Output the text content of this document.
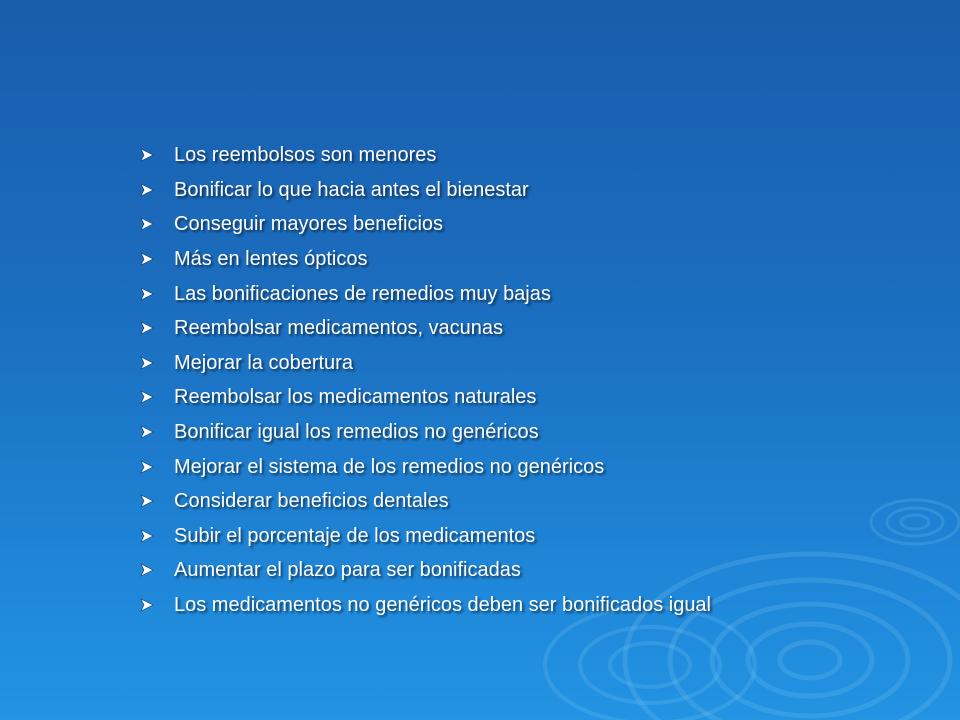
Los reembolsos son menores
Bonificar lo que hacia antes el bienestar
Conseguir mayores beneficios
Más en lentes ópticos
Las bonificaciones de remedios muy bajas
Reembolsar medicamentos, vacunas
Mejorar la cobertura
Reembolsar los medicamentos naturales
Bonificar igual los remedios no genéricos
Mejorar el sistema de los remedios no genéricos
Considerar beneficios dentales
Subir el porcentaje de los medicamentos
Aumentar el plazo para ser bonificadas
Los medicamentos no genéricos deben ser bonificados igual
